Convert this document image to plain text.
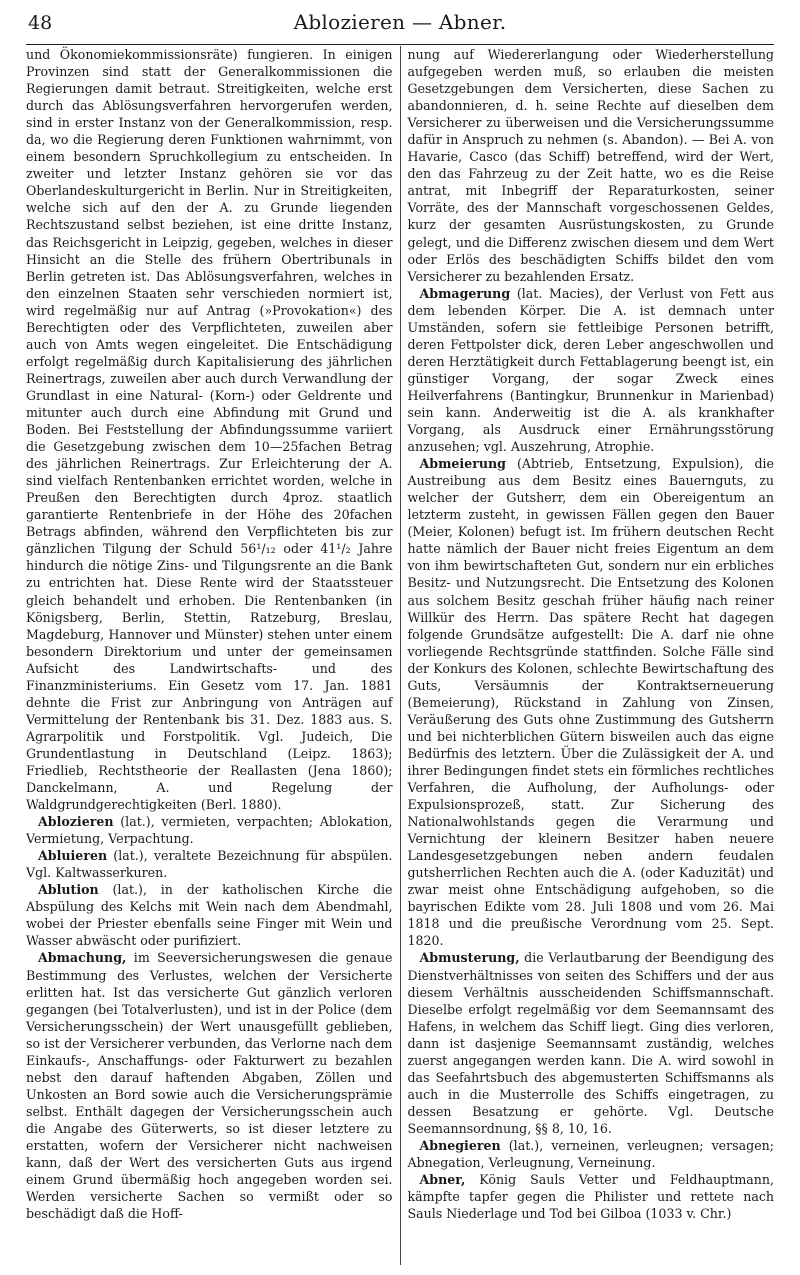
48	Ablozieren — Abner.

und Ökonomiekommissionsräte) fungieren. In einigen Provinzen sind statt der Generalkommissionen die Regierungen damit betraut. Streitigkeiten, welche erst durch das Ablösungsverfahren hervorgerufen werden, sind in erster Instanz von der Generalkommission, resp. da, wo die Regierung deren Funktionen wahrnimmt, von einem besondern Spruchkollegium zu entscheiden. In zweiter und letzter Instanz gehören sie vor das Oberlandeskulturgericht in Berlin. Nur in Streitigkeiten, welche sich auf den der A. zu Grunde liegenden Rechtszustand selbst beziehen, ist eine dritte Instanz, das Reichsgericht in Leipzig, gegeben, welches in dieser Hinsicht an die Stelle des frühern Obertribunals in Berlin getreten ist. Das Ablösungsverfahren, welches in den einzelnen Staaten sehr verschieden normiert ist, wird regelmäßig nur auf Antrag (»Provokation«) des Berechtigten oder des Verpflichteten, zuweilen aber auch von Amts wegen eingeleitet. Die Entschädigung erfolgt regelmäßig durch Kapitalisierung des jährlichen Reinertrags, zuweilen aber auch durch Verwandlung der Grundlast in eine Natural- (Korn-) oder Geldrente und mitunter auch durch eine Abfindung mit Grund und Boden. Bei Feststellung der Abfindungssumme variiert die Gesetzgebung zwischen dem 10—25fachen Betrag des jährlichen Reinertrags. Zur Erleichterung der A. sind vielfach Rentenbanken errichtet worden, welche in Preußen den Berechtigten durch 4proz. staatlich garantierte Rentenbriefe in der Höhe des 20fachen Betrags abfinden, während den Verpflichteten bis zur gänzlichen Tilgung der Schuld 56¹/₁₂ oder 41¹/₂ Jahre hindurch die nötige Zins- und Tilgungsrente an die Bank zu entrichten hat. Diese Rente wird der Staatssteuer gleich behandelt und erhoben. Die Rentenbanken (in Königsberg, Berlin, Stettin, Ratzeburg, Breslau, Magdeburg, Hannover und Münster) stehen unter einem besondern Direktorium und unter der gemeinsamen Aufsicht des Landwirtschafts- und des Finanzministeriums. Ein Gesetz vom 17. Jan. 1881 dehnte die Frist zur Anbringung von Anträgen auf Vermittelung der Rentenbank bis 31. Dez. 1883 aus. S. Agrarpolitik und Forstpolitik. Vgl. Judeich, Die Grundentlastung in Deutschland (Leipz. 1863); Friedlieb, Rechtstheorie der Reallasten (Jena 1860); Danckelmann, A. und Regelung der Waldgrundgerechtigkeiten (Berl. 1880).

Ablozieren (lat.), vermieten, verpachten; Ablokation, Vermietung, Verpachtung.

Abluieren (lat.), veraltete Bezeichnung für abspülen. Vgl. Kaltwasserkuren.

Ablution (lat.), in der katholischen Kirche die Abspülung des Kelchs mit Wein nach dem Abendmahl, wobei der Priester ebenfalls seine Finger mit Wein und Wasser abwäscht oder purifiziert.

Abmachung, im Seeversicherungswesen die genaue Bestimmung des Verlustes, welchen der Versicherte erlitten hat. Ist das versicherte Gut gänzlich verloren gegangen (bei Totalverlusten), und ist in der Police (dem Versicherungsschein) der Wert unausgefüllt geblieben, so ist der Versicherer verbunden, das Verlorne nach dem Einkaufs-, Anschaffungs- oder Fakturwert zu bezahlen nebst den darauf haftenden Abgaben, Zöllen und Unkosten an Bord sowie auch die Versicherungsprämie selbst. Enthält dagegen der Versicherungsschein auch die Angabe des Güterwerts, so ist dieser letztere zu erstatten, wofern der Versicherer nicht nachweisen kann, daß der Wert des versicherten Guts aus irgend einem Grund übermäßig hoch angegeben worden sei. Werden versicherte Sachen so vermißt oder so beschädigt daß die Hoff-

nung auf Wiedererlangung oder Wiederherstellung aufgegeben werden muß, so erlauben die meisten Gesetzgebungen dem Versicherten, diese Sachen zu abandonnieren, d. h. seine Rechte auf dieselben dem Versicherer zu überweisen und die Versicherungssumme dafür in Anspruch zu nehmen (s. Abandon). — Bei A. von Havarie, Casco (das Schiff) betreffend, wird der Wert, den das Fahrzeug zu der Zeit hatte, wo es die Reise antrat, mit Inbegriff der Reparaturkosten, seiner Vorräte, des der Mannschaft vorgeschossenen Geldes, kurz der gesamten Ausrüstungskosten, zu Grunde gelegt, und die Differenz zwischen diesem und dem Wert oder Erlös des beschädigten Schiffs bildet den vom Versicherer zu bezahlenden Ersatz.

Abmagerung (lat. Macies), der Verlust von Fett aus dem lebenden Körper. Die A. ist demnach unter Umständen, sofern sie fettleibige Personen betrifft, deren Fettpolster dick, deren Leber angeschwollen und deren Herztätigkeit durch Fettablagerung beengt ist, ein günstiger Vorgang, der sogar Zweck eines Heilverfahrens (Bantingkur, Brunnenkur in Marienbad) sein kann. Anderweitig ist die A. als krankhafter Vorgang, als Ausdruck einer Ernährungsstörung anzusehen; vgl. Auszehrung, Atrophie.

Abmeierung (Abtrieb, Entsetzung, Expulsion), die Austreibung aus dem Besitz eines Bauernguts, zu welcher der Gutsherr, dem ein Obereigentum an letzterm zusteht, in gewissen Fällen gegen den Bauer (Meier, Kolonen) befugt ist. Im frühern deutschen Recht hatte nämlich der Bauer nicht freies Eigentum an dem von ihm bewirtschafteten Gut, sondern nur ein erbliches Besitz- und Nutzungsrecht. Die Entsetzung des Kolonen aus solchem Besitz geschah früher häufig nach reiner Willkür des Herrn. Das spätere Recht hat dagegen folgende Grundsätze aufgestellt: Die A. darf nie ohne vorliegende Rechtsgründe stattfinden. Solche Fälle sind der Konkurs des Kolonen, schlechte Bewirtschaftung des Guts, Versäumnis der Kontraktserneuerung (Bemeierung), Rückstand in Zahlung von Zinsen, Veräußerung des Guts ohne Zustimmung des Gutsherrn und bei nichterblichen Gütern bisweilen auch das eigne Bedürfnis des letztern. Über die Zulässigkeit der A. und ihrer Bedingungen findet stets ein förmliches rechtliches Verfahren, die Aufholung, der Aufholungs- oder Expulsionsprozeß, statt. Zur Sicherung des Nationalwohlstands gegen die Verarmung und Vernichtung der kleinern Besitzer haben neuere Landesgesetzgebungen neben andern feudalen gutsherrlichen Rechten auch die A. (oder Kaduzität) und zwar meist ohne Entschädigung aufgehoben, so die bayrischen Edikte vom 28. Juli 1808 und vom 26. Mai 1818 und die preußische Verordnung vom 25. Sept. 1820.

Abmusterung, die Verlautbarung der Beendigung des Dienstverhältnisses von seiten des Schiffers und der aus diesem Verhältnis ausscheidenden Schiffsmannschaft. Dieselbe erfolgt regelmäßig vor dem Seemannsamt des Hafens, in welchem das Schiff liegt. Ging dies verloren, dann ist dasjenige Seemannsamt zuständig, welches zuerst angegangen werden kann. Die A. wird sowohl in das Seefahrtsbuch des abgemusterten Schiffsmanns als auch in die Musterrolle des Schiffs eingetragen, zu dessen Besatzung er gehörte. Vgl. Deutsche Seemannsordnung, §§ 8, 10, 16.

Abnegieren (lat.), verneinen, verleugnen; versagen; Abnegation, Verleugnung, Verneinung.

Abner, König Sauls Vetter und Feldhauptmann, kämpfte tapfer gegen die Philister und rettete nach Sauls Niederlage und Tod bei Gilboa (1033 v. Chr.)
